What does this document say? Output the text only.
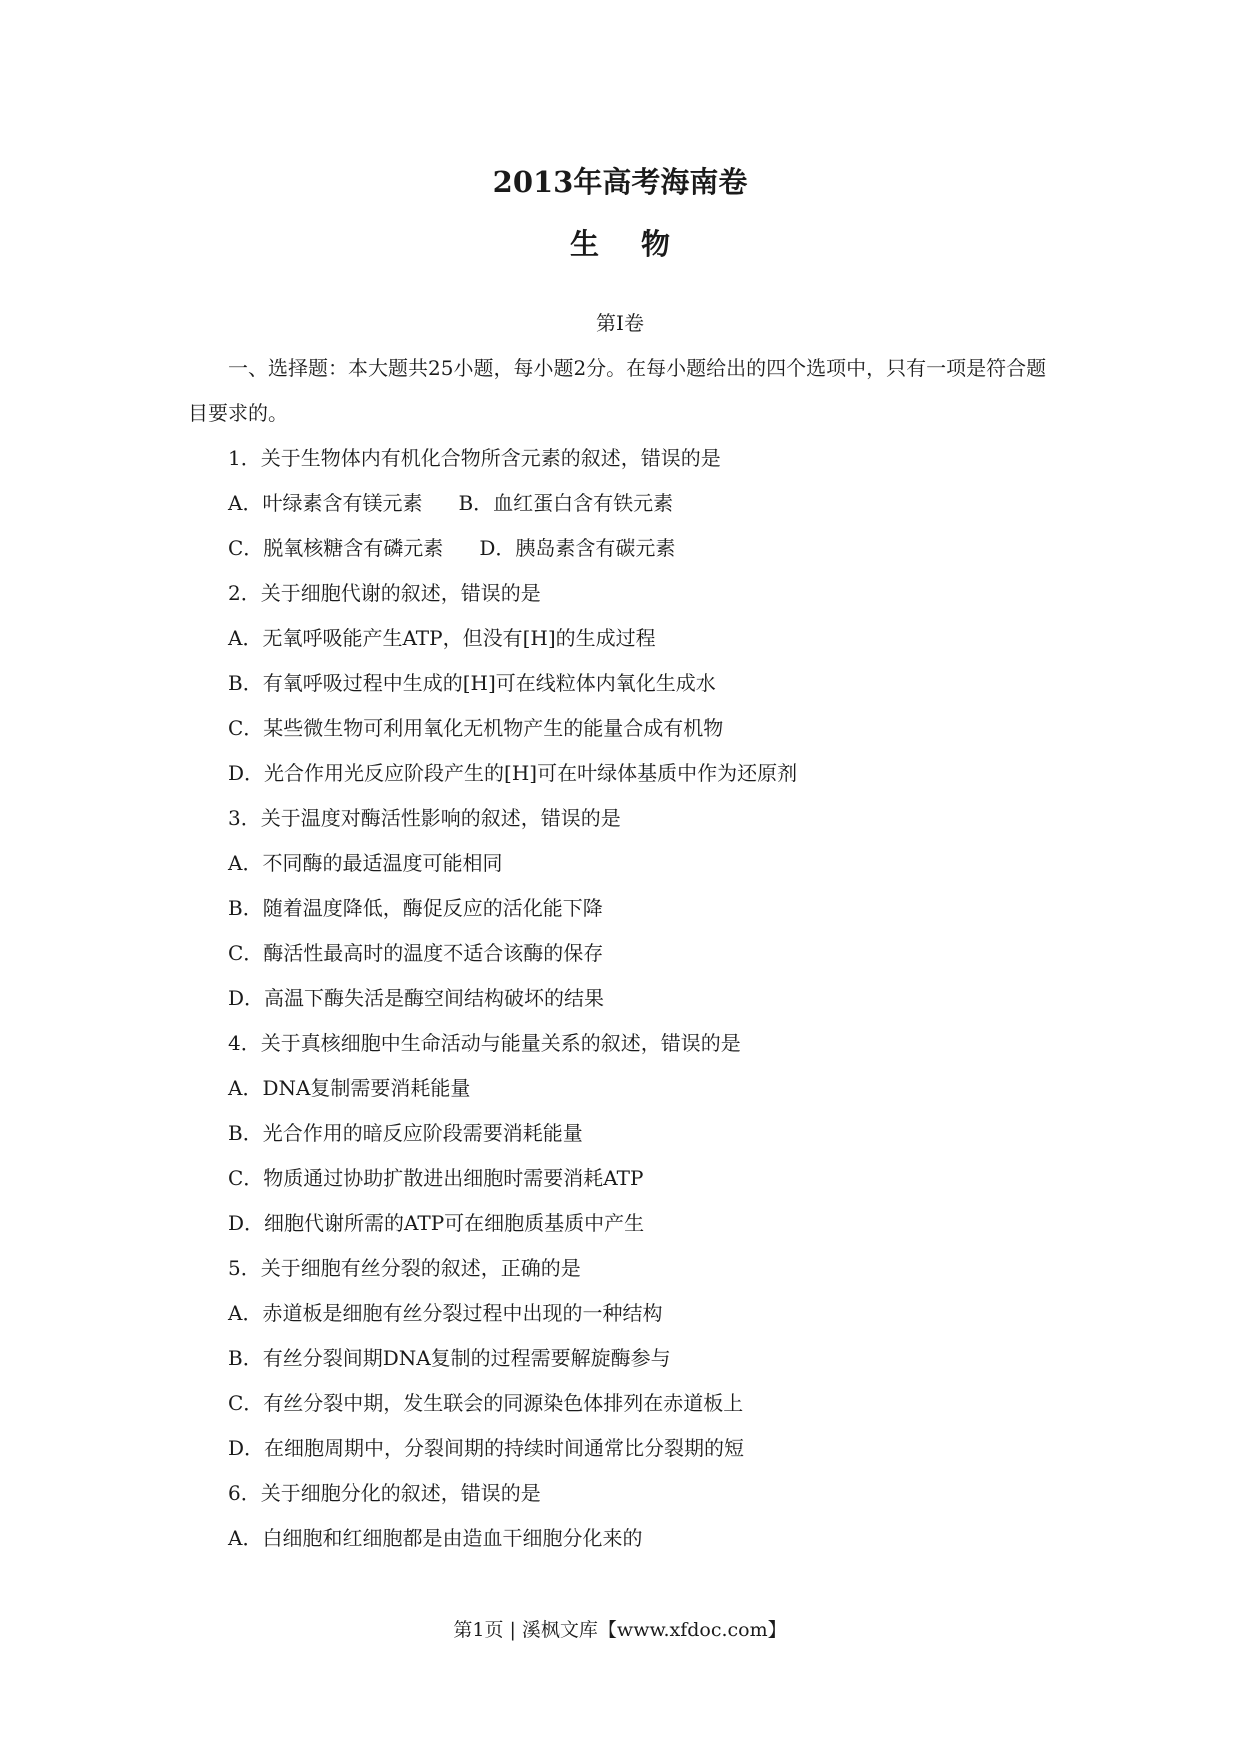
2013年高考海南卷
生 物
第I卷
一、选择题：本大题共25小题，每小题2分。在每小题给出的四个选项中，只有一项是符合题目要求的。
1．关于生物体内有机化合物所含元素的叙述，错误的是
A．叶绿素含有镁元素 B．血红蛋白含有铁元素
C．脱氧核糖含有磷元素 D．胰岛素含有碳元素
2．关于细胞代谢的叙述，错误的是
A．无氧呼吸能产生ATP，但没有[H]的生成过程
B．有氧呼吸过程中生成的[H]可在线粒体内氧化生成水
C．某些微生物可利用氧化无机物产生的能量合成有机物
D．光合作用光反应阶段产生的[H]可在叶绿体基质中作为还原剂
3．关于温度对酶活性影响的叙述，错误的是
A．不同酶的最适温度可能相同
B．随着温度降低，酶促反应的活化能下降
C．酶活性最高时的温度不适合该酶的保存
D．高温下酶失活是酶空间结构破坏的结果
4．关于真核细胞中生命活动与能量关系的叙述，错误的是
A．DNA复制需要消耗能量
B．光合作用的暗反应阶段需要消耗能量
C．物质通过协助扩散进出细胞时需要消耗ATP
D．细胞代谢所需的ATP可在细胞质基质中产生
5．关于细胞有丝分裂的叙述，正确的是
A．赤道板是细胞有丝分裂过程中出现的一种结构
B．有丝分裂间期DNA复制的过程需要解旋酶参与
C．有丝分裂中期，发生联会的同源染色体排列在赤道板上
D．在细胞周期中，分裂间期的持续时间通常比分裂期的短
6．关于细胞分化的叙述，错误的是
A．白细胞和红细胞都是由造血干细胞分化来的
第1页 | 溪枫文库【www.xfdoc.com】
